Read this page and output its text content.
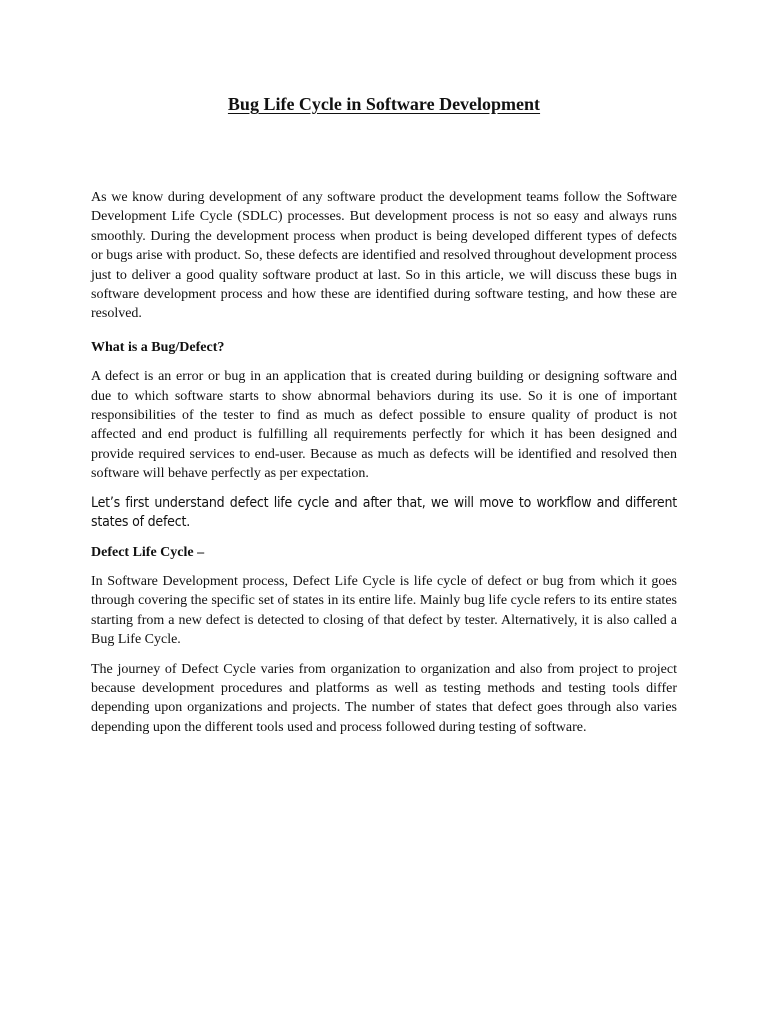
Bug Life Cycle in Software Development

As we know during development of any software product the development teams follow the Software Development Life Cycle (SDLC) processes. But development process is not so easy and always runs smoothly. During the development process when product is being developed different types of defects or bugs arise with product. So, these defects are identified and resolved throughout development process just to deliver a good quality software product at last. So in this article, we will discuss these bugs in software development process and how these are identified during software testing, and how these are resolved.

What is a Bug/Defect?

A defect is an error or bug in an application that is created during building or designing software and due to which software starts to show abnormal behaviors during its use. So it is one of important responsibilities of the tester to find as much as defect possible to ensure quality of product is not affected and end product is fulfilling all requirements perfectly for which it has been designed and provide required services to end-user. Because as much as defects will be identified and resolved then software will behave perfectly as per expectation.

Let’s first understand defect life cycle and after that, we will move to workflow and different states of defect.

Defect Life Cycle –

In Software Development process, Defect Life Cycle is life cycle of defect or bug from which it goes through covering the specific set of states in its entire life. Mainly bug life cycle refers to its entire states starting from a new defect is detected to closing of that defect by tester. Alternatively, it is also called a Bug Life Cycle.

The journey of Defect Cycle varies from organization to organization and also from project to project because development procedures and platforms as well as testing methods and testing tools differ depending upon organizations and projects. The number of states that defect goes through also varies depending upon the different tools used and process followed during testing of software.
